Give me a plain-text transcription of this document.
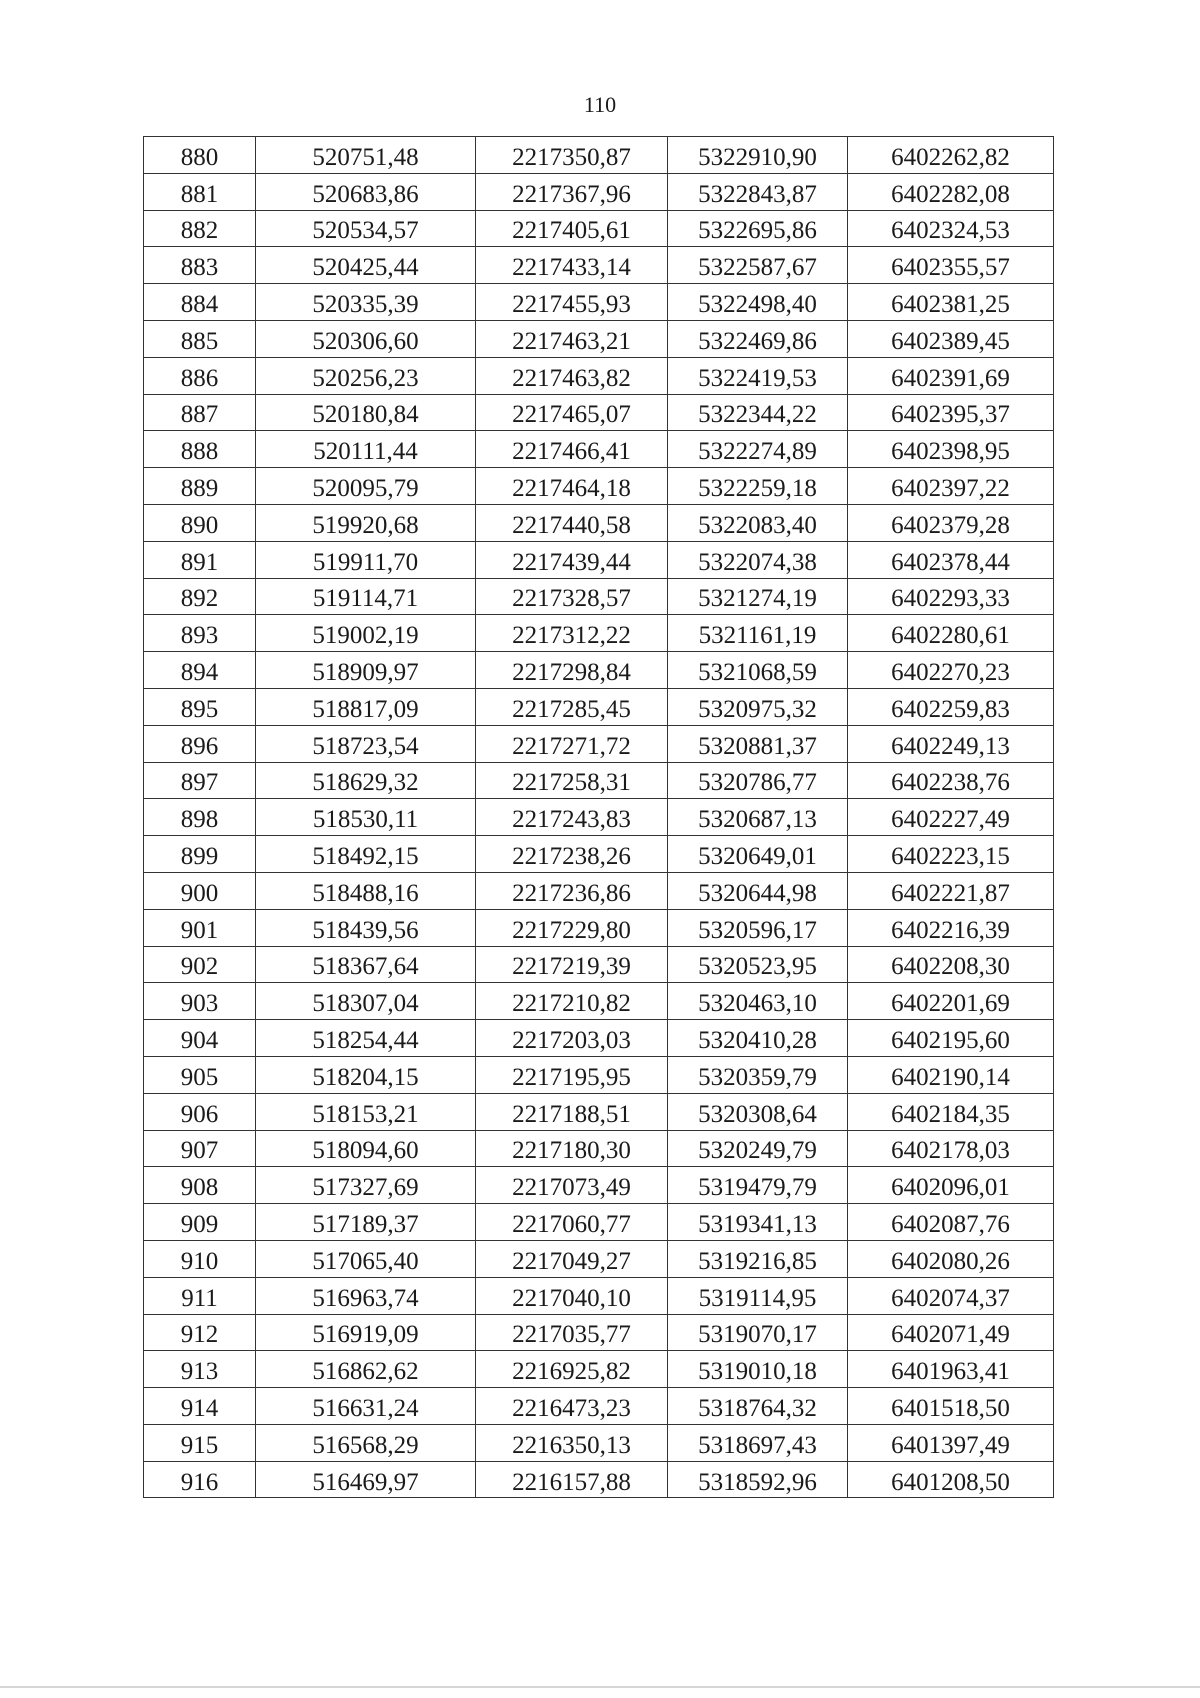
110
880	520751,48	2217350,87	5322910,90	6402262,82
881	520683,86	2217367,96	5322843,87	6402282,08
882	520534,57	2217405,61	5322695,86	6402324,53
883	520425,44	2217433,14	5322587,67	6402355,57
884	520335,39	2217455,93	5322498,40	6402381,25
885	520306,60	2217463,21	5322469,86	6402389,45
886	520256,23	2217463,82	5322419,53	6402391,69
887	520180,84	2217465,07	5322344,22	6402395,37
888	520111,44	2217466,41	5322274,89	6402398,95
889	520095,79	2217464,18	5322259,18	6402397,22
890	519920,68	2217440,58	5322083,40	6402379,28
891	519911,70	2217439,44	5322074,38	6402378,44
892	519114,71	2217328,57	5321274,19	6402293,33
893	519002,19	2217312,22	5321161,19	6402280,61
894	518909,97	2217298,84	5321068,59	6402270,23
895	518817,09	2217285,45	5320975,32	6402259,83
896	518723,54	2217271,72	5320881,37	6402249,13
897	518629,32	2217258,31	5320786,77	6402238,76
898	518530,11	2217243,83	5320687,13	6402227,49
899	518492,15	2217238,26	5320649,01	6402223,15
900	518488,16	2217236,86	5320644,98	6402221,87
901	518439,56	2217229,80	5320596,17	6402216,39
902	518367,64	2217219,39	5320523,95	6402208,30
903	518307,04	2217210,82	5320463,10	6402201,69
904	518254,44	2217203,03	5320410,28	6402195,60
905	518204,15	2217195,95	5320359,79	6402190,14
906	518153,21	2217188,51	5320308,64	6402184,35
907	518094,60	2217180,30	5320249,79	6402178,03
908	517327,69	2217073,49	5319479,79	6402096,01
909	517189,37	2217060,77	5319341,13	6402087,76
910	517065,40	2217049,27	5319216,85	6402080,26
911	516963,74	2217040,10	5319114,95	6402074,37
912	516919,09	2217035,77	5319070,17	6402071,49
913	516862,62	2216925,82	5319010,18	6401963,41
914	516631,24	2216473,23	5318764,32	6401518,50
915	516568,29	2216350,13	5318697,43	6401397,49
916	516469,97	2216157,88	5318592,96	6401208,50
